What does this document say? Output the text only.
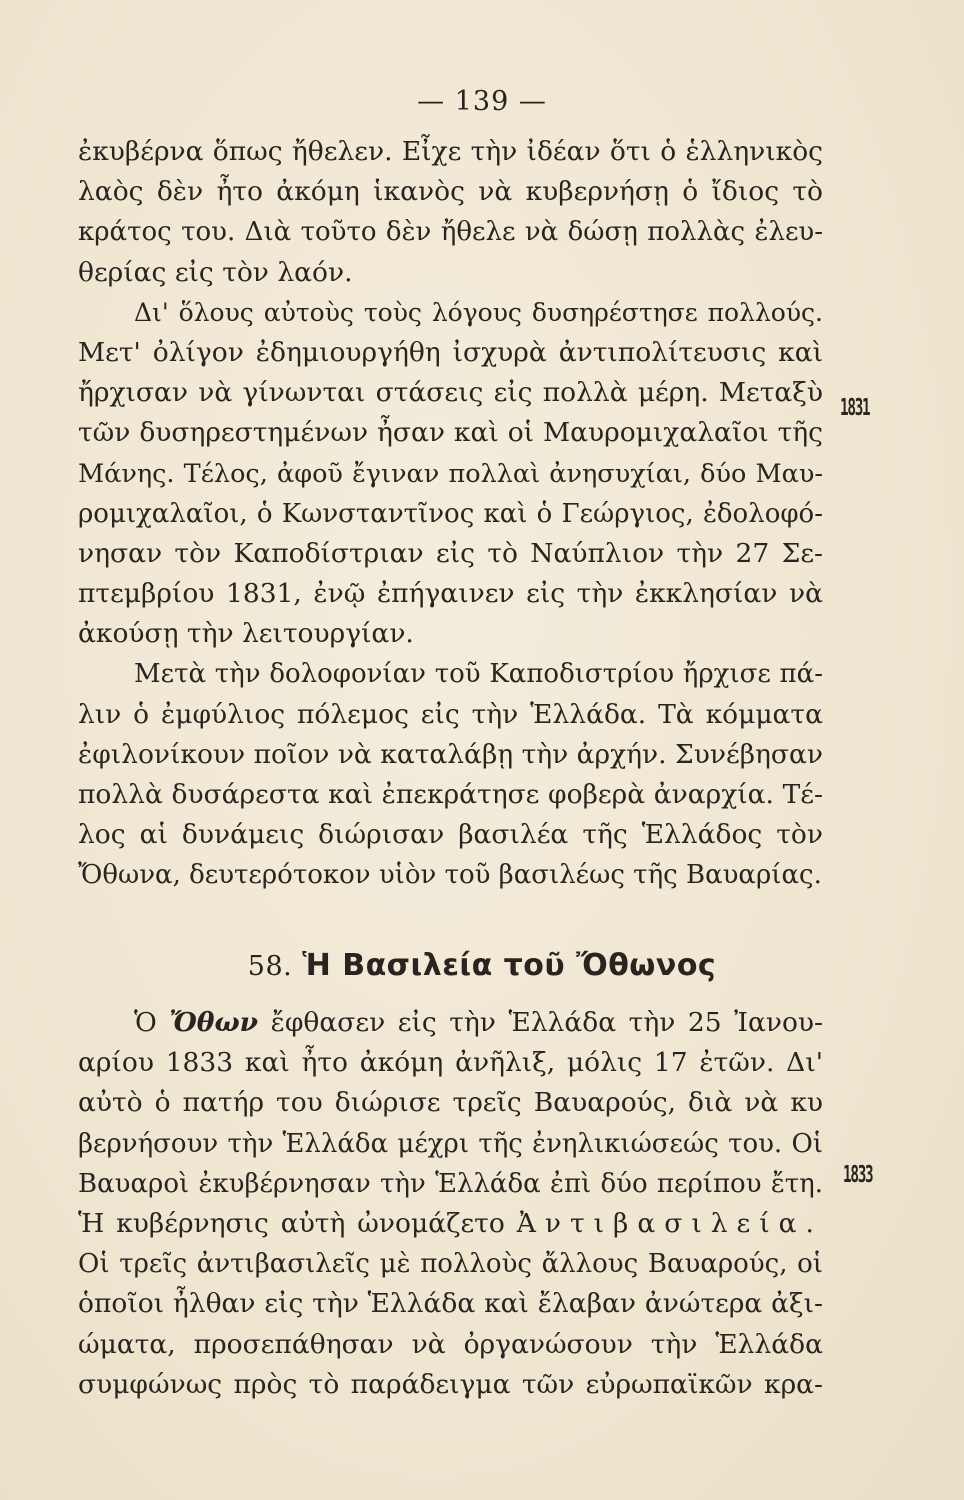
— 139 —
ἐκυβέρνα ὅπως ἤθελεν. Εἶχε τὴν ἰδέαν ὅτι ὁ ἑλληνικὸς
λαὸς δὲν ἦτο ἀκόμη ἱκανὸς νὰ κυβερνήσῃ ὁ ἴδιος τὸ
κράτος του. Διὰ τοῦτο δὲν ἤθελε νὰ δώσῃ πολλὰς ἐλευ-
θερίας εἰς τὸν λαόν.
Δι' ὅλους αὐτοὺς τοὺς λόγους δυσηρέστησε πολλούς.
Μετ' ὀλίγον ἐδημιουργήθη ἰσχυρὰ ἀντιπολίτευσις καὶ
ἤρχισαν νὰ γίνωνται στάσεις εἰς πολλὰ μέρη. Μεταξὺ
τῶν δυσηρεστημένων ἦσαν καὶ οἱ Μαυρομιχαλαῖοι τῆς
Μάνης. Τέλος, ἀφοῦ ἔγιναν πολλαὶ ἀνησυχίαι, δύο Μαυ-
ρομιχαλαῖοι, ὁ Κωνσταντῖνος καὶ ὁ Γεώργιος, ἐδολοφό-
νησαν τὸν Καποδίστριαν εἰς τὸ Ναύπλιον τὴν 27 Σε-
πτεμβρίου 1831, ἐνῷ ἐπήγαινεν εἰς τὴν ἐκκλησίαν νὰ
ἀκούσῃ τὴν λειτουργίαν.
Μετὰ τὴν δολοφονίαν τοῦ Καποδιστρίου ἤρχισε πά-
λιν ὁ ἐμφύλιος πόλεμος εἰς τὴν Ἑλλάδα. Τὰ κόμματα
ἐφιλονίκουν ποῖον νὰ καταλάβῃ τὴν ἀρχήν. Συνέβησαν
πολλὰ δυσάρεστα καὶ ἐπεκράτησε φοβερὰ ἀναρχία. Τέ-
λος αἱ δυνάμεις διώρισαν βασιλέα τῆς Ἑλλάδος τὸν
Ὄθωνα, δευτερότοκον υἱὸν τοῦ βασιλέως τῆς Βαυαρίας.
58. Ἡ Βασιλεία τοῦ Ὄθωνος
Ὁ Ὄθων ἔφθασεν εἰς τὴν Ἑλλάδα τὴν 25 Ἰανου-
αρίου 1833 καὶ ἦτο ἀκόμη ἀνῆλιξ, μόλις 17 ἐτῶν. Δι'
αὐτὸ ὁ πατήρ του διώρισε τρεῖς Βαυαρούς, διὰ νὰ κυ
βερνήσουν τὴν Ἑλλάδα μέχρι τῆς ἐνηλικιώσεώς του. Οἱ
Βαυαροὶ ἐκυβέρνησαν τὴν Ἑλλάδα ἐπὶ δύο περίπου ἔτη.
Ἡ κυβέρνησις αὐτὴ ὠνομάζετο Ἀντιβασιλεία.
Οἱ τρεῖς ἀντιβασιλεῖς μὲ πολλοὺς ἄλλους Βαυαρούς, οἱ
ὁποῖοι ἦλθαν εἰς τὴν Ἑλλάδα καὶ ἔλαβαν ἀνώτερα ἀξι-
ώματα, προσεπάθησαν νὰ ὀργανώσουν τὴν Ἑλλάδα
συμφώνως πρὸς τὸ παράδειγμα τῶν εὐρωπαϊκῶν κρα-
1831
1833
